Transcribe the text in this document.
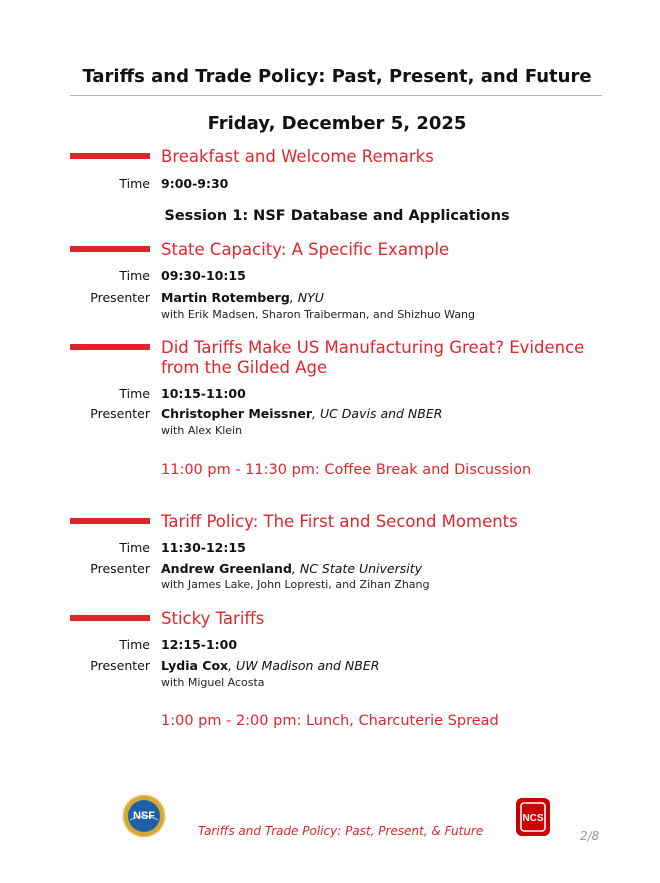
Tariffs and Trade Policy: Past, Present, and Future
Friday, December 5, 2025
Breakfast and Welcome Remarks
Time 9:00-9:30
Session 1: NSF Database and Applications
State Capacity: A Specific Example
Time 09:30-10:15
Presenter Martin Rotemberg, NYU
with Erik Madsen, Sharon Traiberman, and Shizhuo Wang
Did Tariffs Make US Manufacturing Great? Evidence from the Gilded Age
Time 10:15-11:00
Presenter Christopher Meissner, UC Davis and NBER
with Alex Klein
11:00 pm - 11:30 pm: Coffee Break and Discussion
Tariff Policy: The First and Second Moments
Time 11:30-12:15
Presenter Andrew Greenland, NC State University
with James Lake, John Lopresti, and Zihan Zhang
Sticky Tariffs
Time 12:15-1:00
Presenter Lydia Cox, UW Madison and NBER
with Miguel Acosta
1:00 pm - 2:00 pm: Lunch, Charcuterie Spread
NSF	NCS
Tariffs and Trade Policy: Past, Present, & Future	2/8
